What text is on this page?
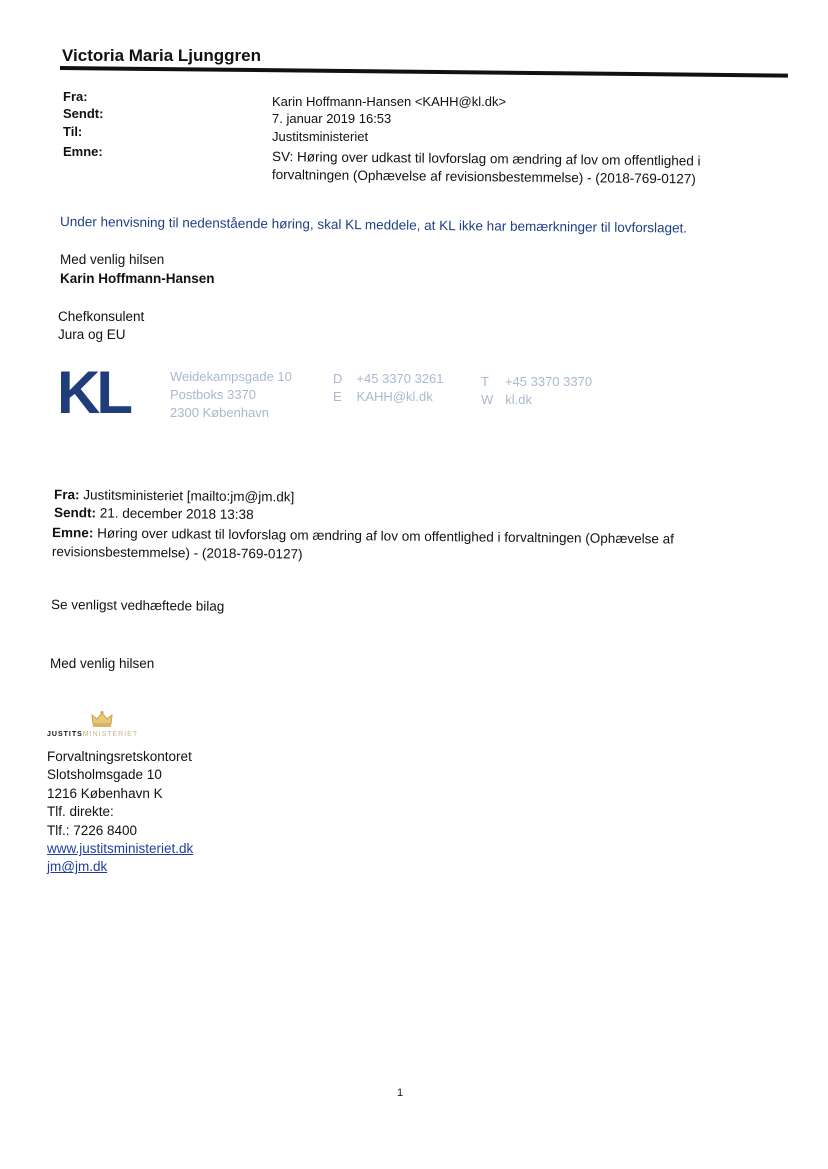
Victoria Maria Ljunggren
Fra:
Sendt:
Til:
Emne:
Karin Hoffmann-Hansen <KAHH@kl.dk>
7. januar 2019 16:53
Justitsministeriet
SV: Høring over udkast til lovforslag om ændring af lov om offentlighed i
forvaltningen (Ophævelse af revisionsbestemmelse) - (2018-769-0127)
Under henvisning til nedenstående høring, skal KL meddele, at KL ikke har bemærkninger til lovforslaget.
Med venlig hilsen
Karin Hoffmann-Hansen
Chefkonsulent
Jura og EU
KL	Weidekampsgade 10
Postboks 3370
2300 København
D +45 3370 3261
E KAHH@kl.dk
T +45 3370 3370
W kl.dk
Fra: Justitsministeriet [mailto:jm@jm.dk]
Sendt: 21. december 2018 13:38
Emne: Høring over udkast til lovforslag om ændring af lov om offentlighed i forvaltningen (Ophævelse af
revisionsbestemmelse) - (2018-769-0127)
Se venligst vedhæftede bilag
Med venlig hilsen
JUSTITSMINISTERIET
Forvaltningsretskontoret
Slotsholmsgade 10
1216 København K
Tlf. direkte:
Tlf.: 7226 8400
www.justitsministeriet.dk
jm@jm.dk
1
